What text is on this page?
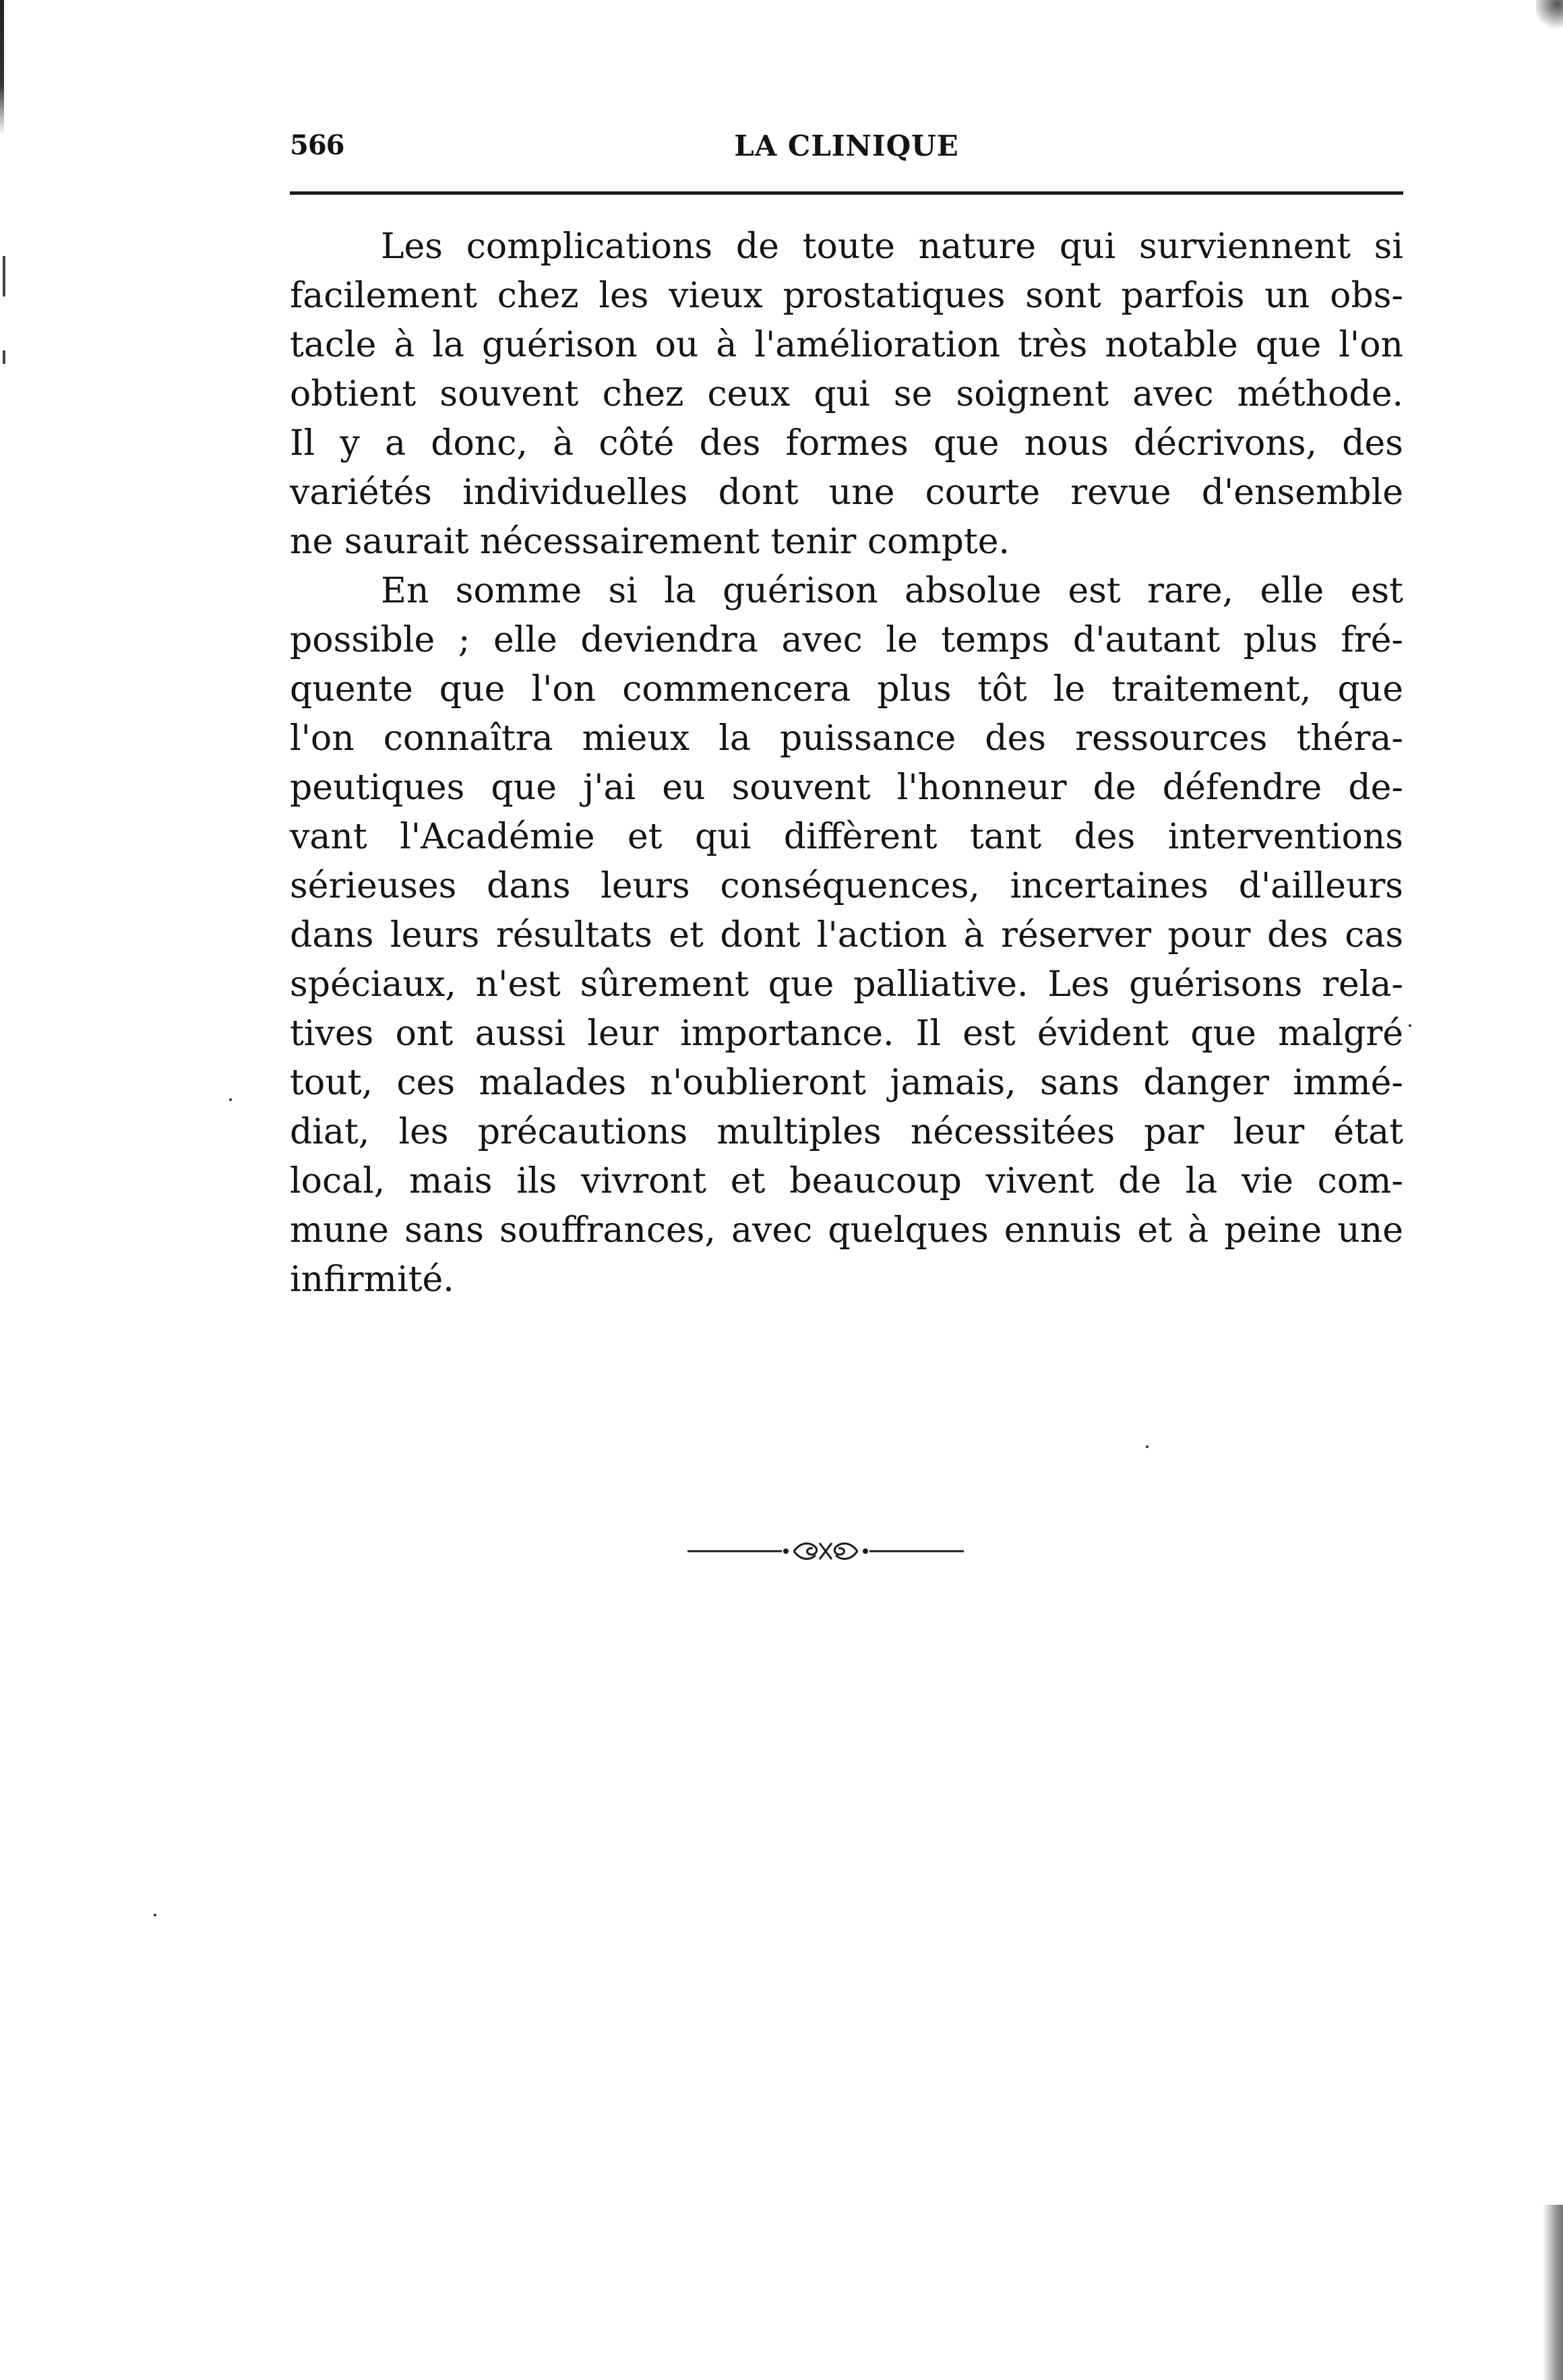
566	LA CLINIQUE
Les complications de toute nature qui surviennent si
facilement chez les vieux prostatiques sont parfois un obs-
tacle à la guérison ou à l'amélioration très notable que l'on
obtient souvent chez ceux qui se soignent avec méthode.
Il y a donc, à côté des formes que nous décrivons, des
variétés individuelles dont une courte revue d'ensemble
ne saurait nécessairement tenir compte.
En somme si la guérison absolue est rare, elle est
possible ; elle deviendra avec le temps d'autant plus fré-
quente que l'on commencera plus tôt le traitement, que
l'on connaîtra mieux la puissance des ressources théra-
peutiques que j'ai eu souvent l'honneur de défendre de-
vant l'Académie et qui diffèrent tant des interventions
sérieuses dans leurs conséquences, incertaines d'ailleurs
dans leurs résultats et dont l'action à réserver pour des cas
spéciaux, n'est sûrement que palliative. Les guérisons rela-
tives ont aussi leur importance. Il est évident que malgré
tout, ces malades n'oublieront jamais, sans danger immé-
diat, les précautions multiples nécessitées par leur état
local, mais ils vivront et beaucoup vivent de la vie com-
mune sans souffrances, avec quelques ennuis et à peine une
infirmité.
